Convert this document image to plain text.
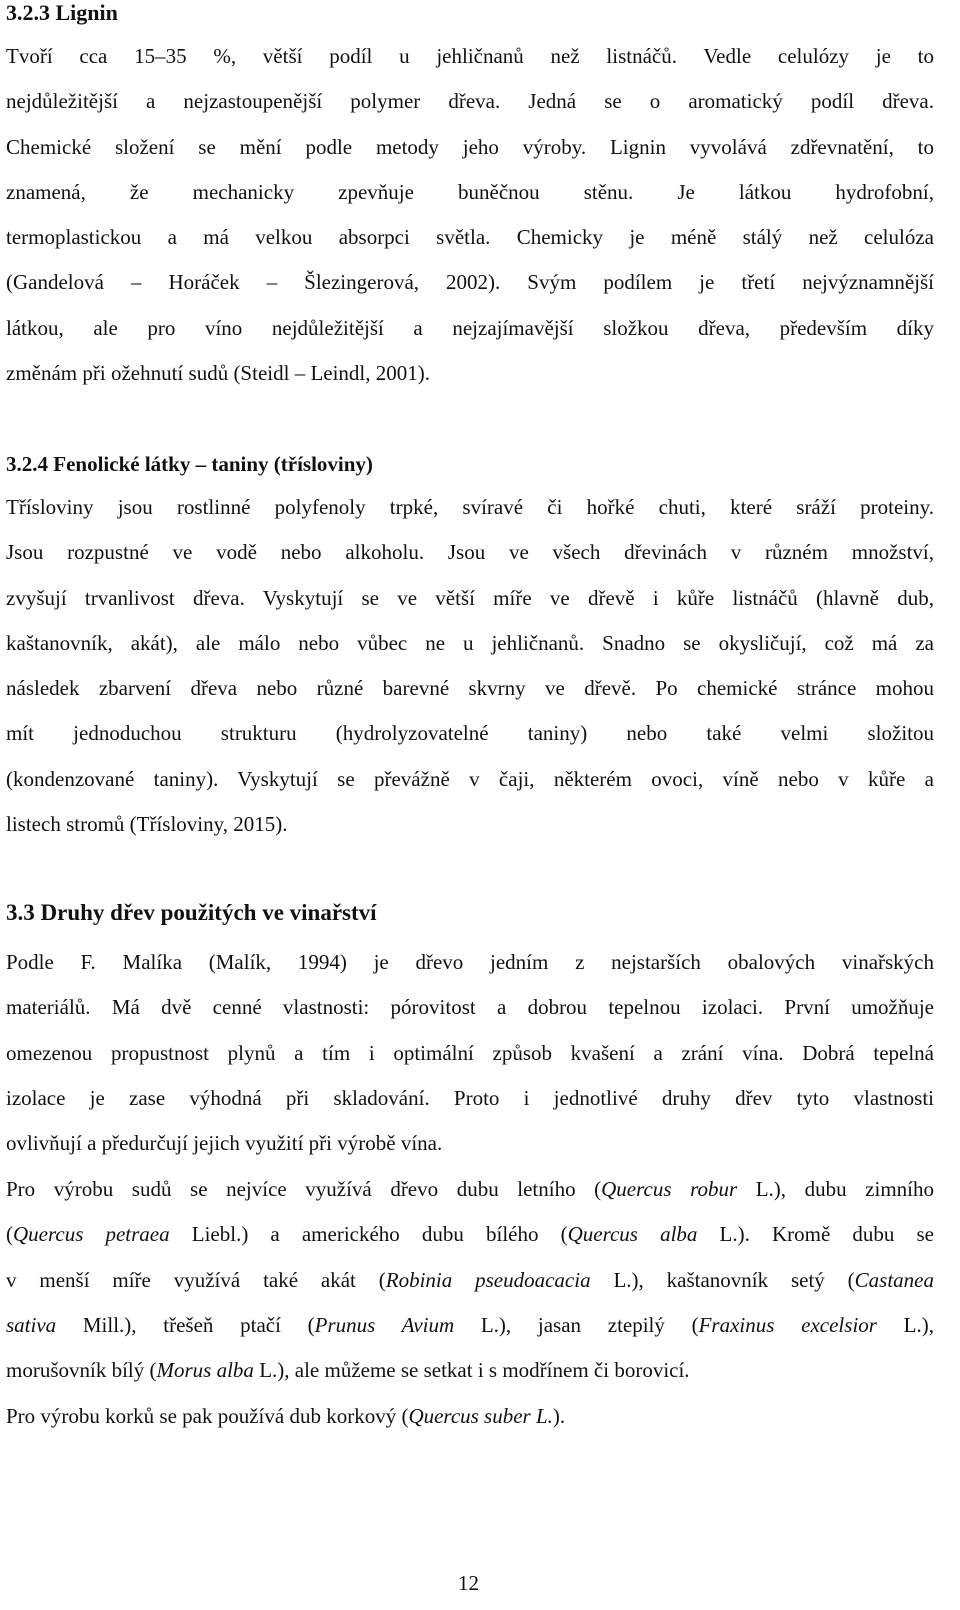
3.2.3 Lignin
Tvoří cca 15–35 %, větší podíl u jehličnanů než listnáčů. Vedle celulózy je to
nejdůležitější a nejzastoupenější polymer dřeva. Jedná se o aromatický podíl dřeva.
Chemické složení se mění podle metody jeho výroby. Lignin vyvolává zdřevnatění, to
znamená, že mechanicky zpevňuje buněčnou stěnu. Je látkou hydrofobní,
termoplastickou a má velkou absorpci světla. Chemicky je méně stálý než celulóza
(Gandelová – Horáček – Šlezingerová, 2002). Svým podílem je třetí nejvýznamnější
látkou, ale pro víno nejdůležitější a nejzajímavější složkou dřeva, především díky
změnám při ožehnutí sudů (Steidl – Leindl, 2001).
3.2.4 Fenolické látky – taniny (třísloviny)
Třísloviny jsou rostlinné polyfenoly trpké, svíravé či hořké chuti, které sráží proteiny.
Jsou rozpustné ve vodě nebo alkoholu. Jsou ve všech dřevinách v různém množství,
zvyšují trvanlivost dřeva. Vyskytují se ve větší míře ve dřevě i kůře listnáčů (hlavně dub,
kaštanovník, akát), ale málo nebo vůbec ne u jehličnanů. Snadno se okysličují, což má za
následek zbarvení dřeva nebo různé barevné skvrny ve dřevě. Po chemické stránce mohou
mít jednoduchou strukturu (hydrolyzovatelné taniny) nebo také velmi složitou
(kondenzované taniny). Vyskytují se převážně v čaji, některém ovoci, víně nebo v kůře a
listech stromů (Třísloviny, 2015).
3.3 Druhy dřev použitých ve vinařství
Podle F. Malíka (Malík, 1994) je dřevo jedním z nejstarších obalových vinařských
materiálů. Má dvě cenné vlastnosti: pórovitost a dobrou tepelnou izolaci. První umožňuje
omezenou propustnost plynů a tím i optimální způsob kvašení a zrání vína. Dobrá tepelná
izolace je zase výhodná při skladování. Proto i jednotlivé druhy dřev tyto vlastnosti
ovlivňují a předurčují jejich využití při výrobě vína.
Pro výrobu sudů se nejvíce využívá dřevo dubu letního (Quercus robur L.), dubu zimního
(Quercus petraea Liebl.) a amerického dubu bílého (Quercus alba L.). Kromě dubu se
v menší míře využívá také akát (Robinia pseudoacacia L.), kaštanovník setý (Castanea
sativa Mill.), třešeň ptačí (Prunus Avium L.), jasan ztepilý (Fraxinus excelsior L.),
morušovník bílý (Morus alba L.), ale můžeme se setkat i s modřínem či borovicí.
Pro výrobu korků se pak používá dub korkový (Quercus suber L.).
12
